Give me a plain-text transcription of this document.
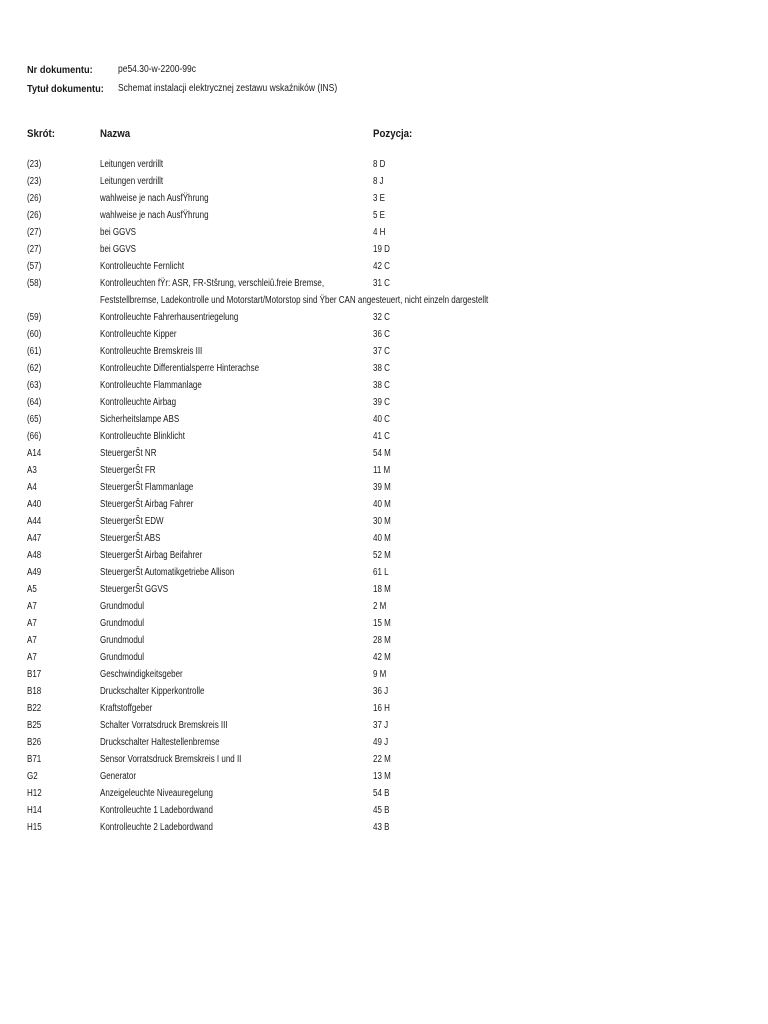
Nr dokumentu:	pe54.30-w-2200-99c
Tytuł dokumentu:	Schemat instalacji elektrycznej zestawu wskaźników (INS)
Skrót:	Nazwa	Pozycja:
(23)	Leitungen verdrillt	8 D
(23)	Leitungen verdrillt	8 J
(26)	wahlweise je nach AusfŸhrung	3 E
(26)	wahlweise je nach AusfŸhrung	5 E
(27)	bei GGVS	4 H
(27)	bei GGVS	19 D
(57)	Kontrolleuchte Fernlicht	42 C
(58)	Kontrolleuchten fŸr: ASR, FR-Stšrung, verschleiû.freie Bremse,	31 C
Feststellbremse, Ladekontrolle und Motorstart/Motorstop sind Ÿber CAN angesteuert, nicht einzeln dargestellt
(59)	Kontrolleuchte Fahrerhausentriegelung	32 C
(60)	Kontrolleuchte Kipper	36 C
(61)	Kontrolleuchte Bremskreis III	37 C
(62)	Kontrolleuchte Differentialsperre Hinterachse	38 C
(63)	Kontrolleuchte Flammanlage	38 C
(64)	Kontrolleuchte Airbag	39 C
(65)	Sicherheitslampe ABS	40 C
(66)	Kontrolleuchte Blinklicht	41 C
A14	SteuergerŠt NR	54 M
A3	SteuergerŠt FR	11 M
A4	SteuergerŠt Flammanlage	39 M
A40	SteuergerŠt Airbag Fahrer	40 M
A44	SteuergerŠt EDW	30 M
A47	SteuergerŠt ABS	40 M
A48	SteuergerŠt Airbag Beifahrer	52 M
A49	SteuergerŠt Automatikgetriebe Allison	61 L
A5	SteuergerŠt GGVS	18 M
A7	Grundmodul	2 M
A7	Grundmodul	15 M
A7	Grundmodul	28 M
A7	Grundmodul	42 M
B17	Geschwindigkeitsgeber	9 M
B18	Druckschalter Kipperkontrolle	36 J
B22	Kraftstoffgeber	16 H
B25	Schalter Vorratsdruck Bremskreis III	37 J
B26	Druckschalter Haltestellenbremse	49 J
B71	Sensor Vorratsdruck Bremskreis I und II	22 M
G2	Generator	13 M
H12	Anzeigeleuchte Niveauregelung	54 B
H14	Kontrolleuchte 1 Ladebordwand	45 B
H15	Kontrolleuchte 2 Ladebordwand	43 B
